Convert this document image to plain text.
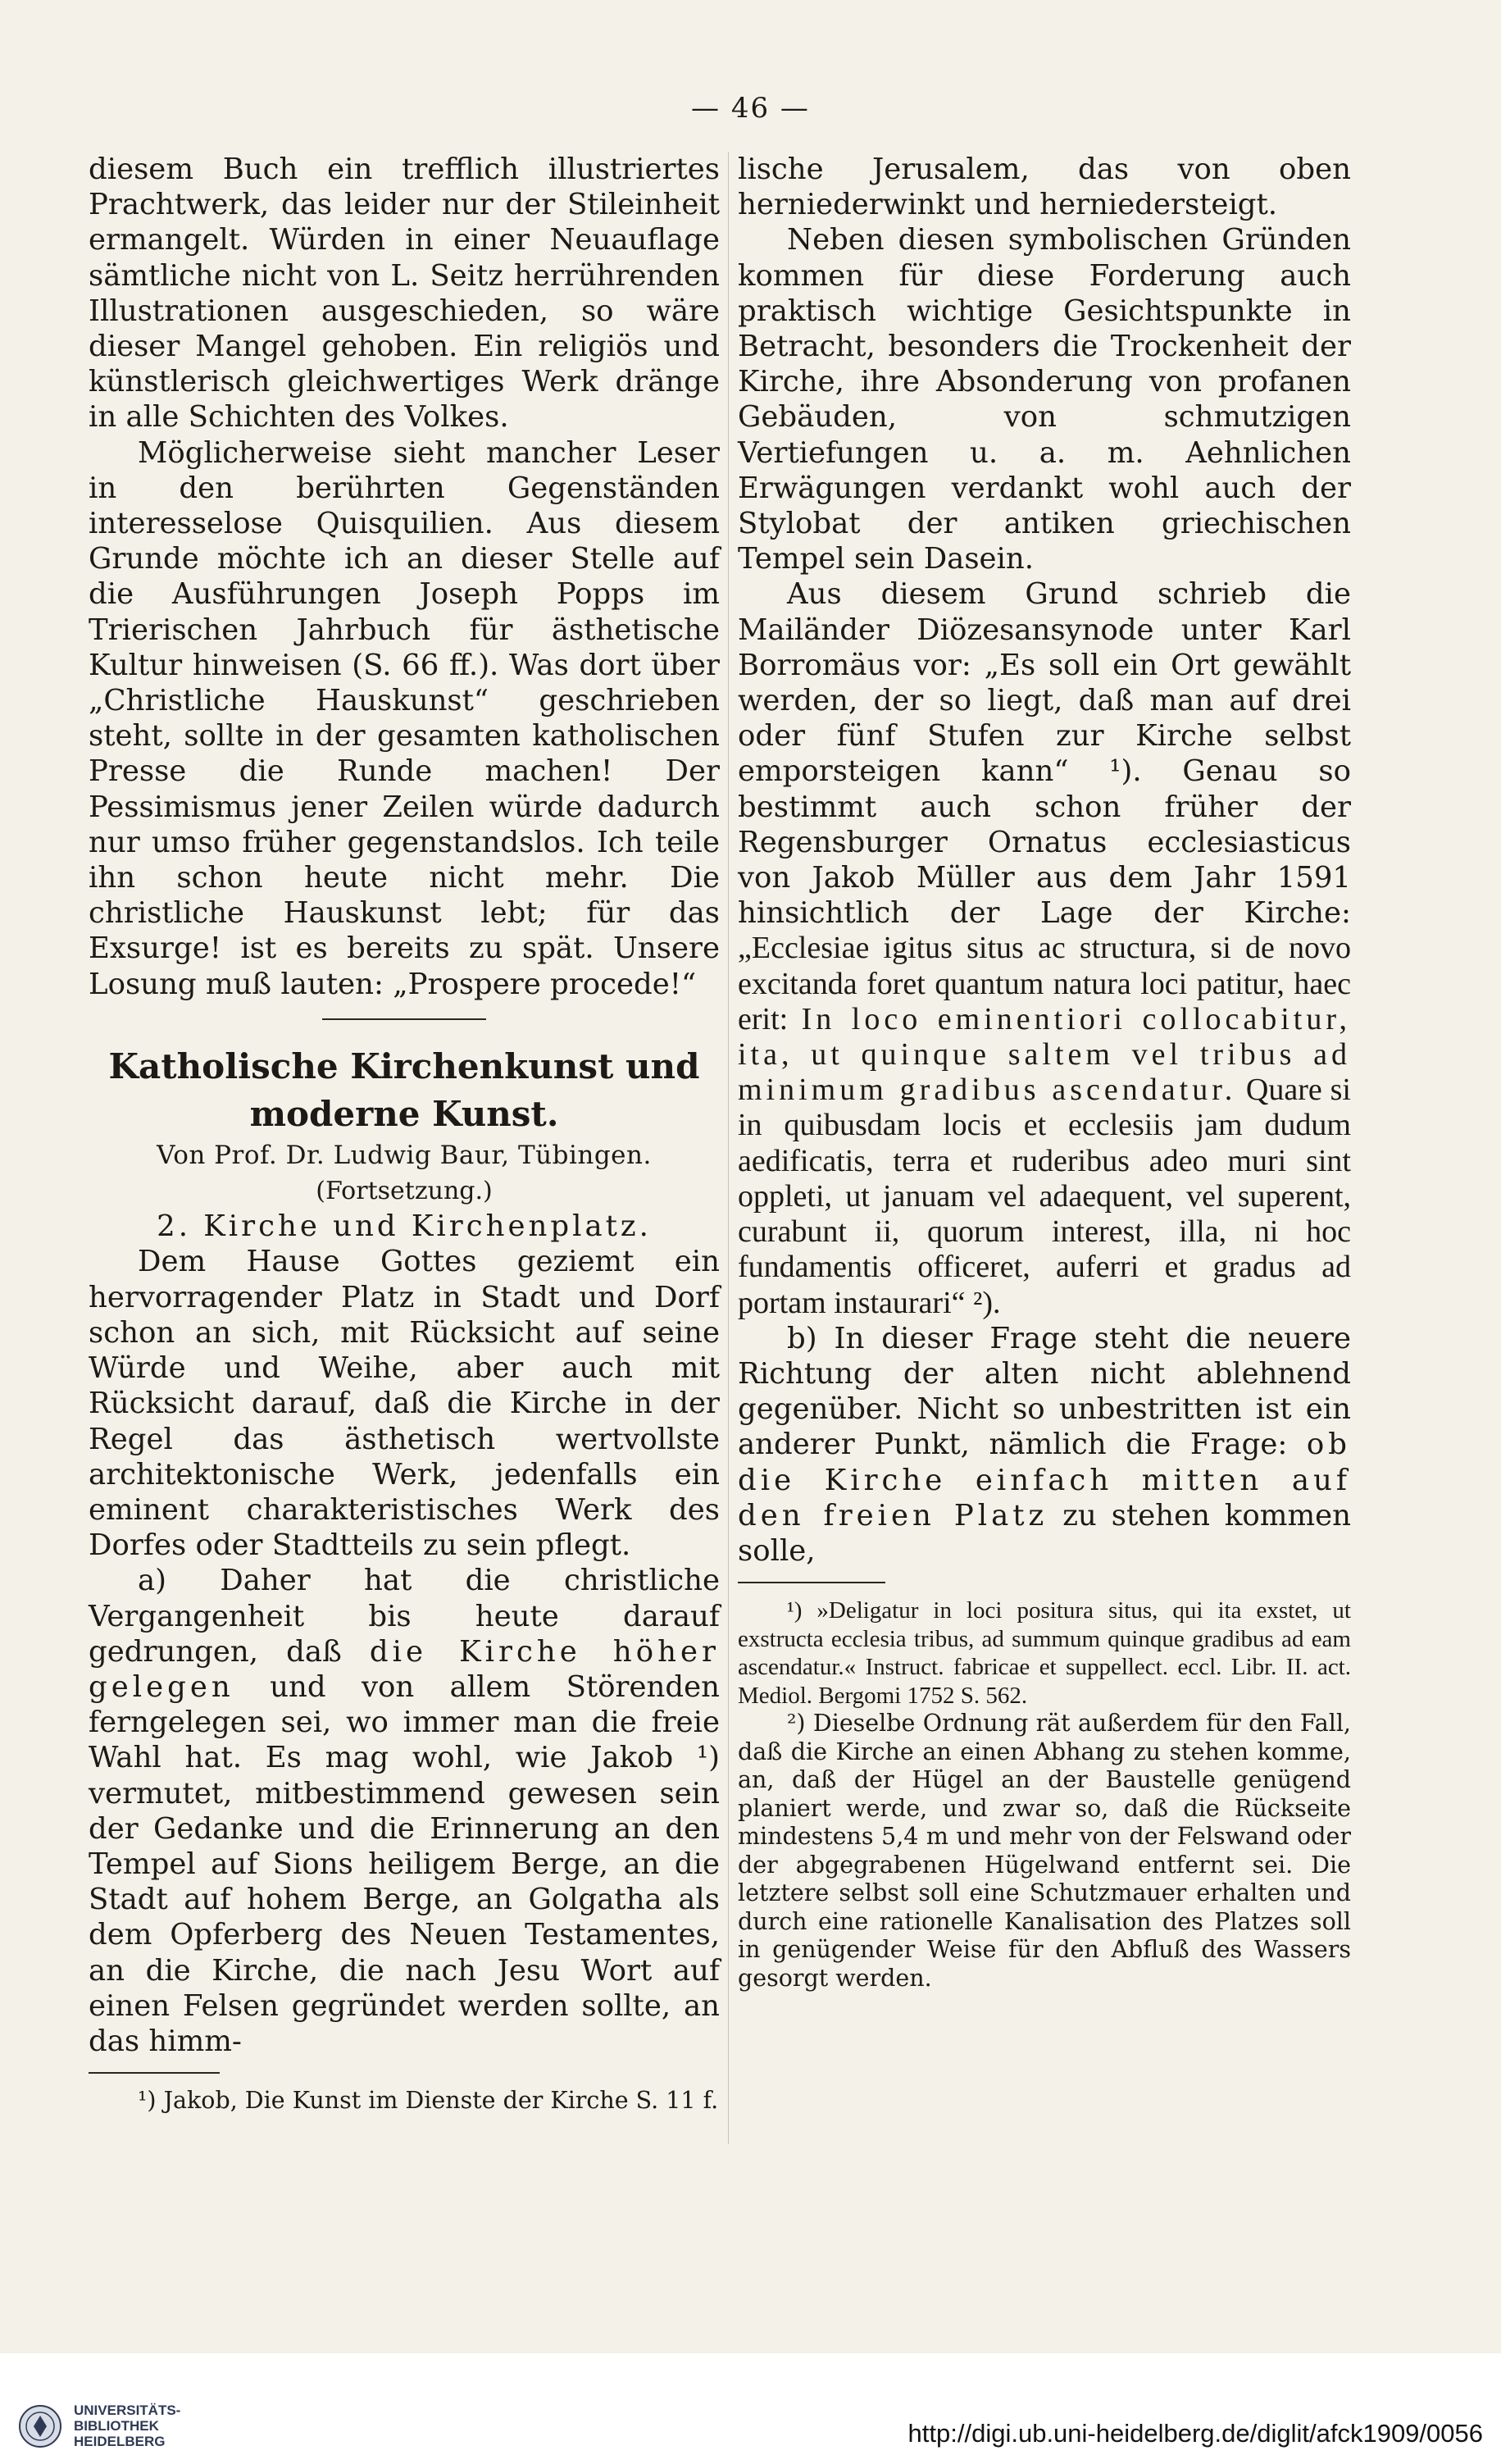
— 46 —

diesem Buch ein trefflich illustriertes Prachtwerk, das leider nur der Stileinheit ermangelt. Würden in einer Neuauflage sämtliche nicht von L. Seitz herrührenden Illustrationen ausgeschieden, so wäre dieser Mangel gehoben. Ein religiös und künstlerisch gleichwertiges Werk dränge in alle Schichten des Volkes.

Möglicherweise sieht mancher Leser in den berührten Gegenständen interesselose Quisquilien. Aus diesem Grunde möchte ich an dieser Stelle auf die Ausführungen Joseph Popps im Trierischen Jahrbuch für ästhetische Kultur hinweisen (S. 66 ff.). Was dort über „Christliche Hauskunst“ geschrieben steht, sollte in der gesamten katholischen Presse die Runde machen! Der Pessimismus jener Zeilen würde dadurch nur umso früher gegenstandslos. Ich teile ihn schon heute nicht mehr. Die christliche Hauskunst lebt; für das Exsurge! ist es bereits zu spät. Unsere Losung muß lauten: „Prospere procede!“

Katholische Kirchenkunst und

moderne Kunst.

Von Prof. Dr. Ludwig Baur, Tübingen.

(Fortsetzung.)

2. Kirche und Kirchenplatz.

Dem Hause Gottes geziemt ein hervorragender Platz in Stadt und Dorf schon an sich, mit Rücksicht auf seine Würde und Weihe, aber auch mit Rücksicht darauf, daß die Kirche in der Regel das ästhetisch wertvollste architektonische Werk, jedenfalls ein eminent charakteristisches Werk des Dorfes oder Stadtteils zu sein pflegt.

a) Daher hat die christliche Vergangenheit bis heute darauf gedrungen, daß die Kirche höher gelegen und von allem Störenden ferngelegen sei, wo immer man die freie Wahl hat. Es mag wohl, wie Jakob ¹) vermutet, mitbestimmend gewesen sein der Gedanke und die Erinnerung an den Tempel auf Sions heiligem Berge, an die Stadt auf hohem Berge, an Golgatha als dem Opferberg des Neuen Testamentes, an die Kirche, die nach Jesu Wort auf einen Felsen gegründet werden sollte, an das himm-

¹) Jakob, Die Kunst im Dienste der Kirche S. 11 f.

lische Jerusalem, das von oben herniederwinkt und herniedersteigt.

Neben diesen symbolischen Gründen kommen für diese Forderung auch praktisch wichtige Gesichtspunkte in Betracht, besonders die Trockenheit der Kirche, ihre Absonderung von profanen Gebäuden, von schmutzigen Vertiefungen u. a. m. Aehnlichen Erwägungen verdankt wohl auch der Stylobat der antiken griechischen Tempel sein Dasein.

Aus diesem Grund schrieb die Mailänder Diözesansynode unter Karl Borromäus vor: „Es soll ein Ort gewählt werden, der so liegt, daß man auf drei oder fünf Stufen zur Kirche selbst emporsteigen kann“ ¹). Genau so bestimmt auch schon früher der Regensburger Ornatus ecclesiasticus von Jakob Müller aus dem Jahr 1591 hinsichtlich der Lage der Kirche: „Ecclesiae igitus situs ac structura, si de novo excitanda foret quantum natura loci patitur, haec erit: In loco eminentiori collocabitur, ita, ut quinque saltem vel tribus ad minimum gradibus ascendatur. Quare si in quibusdam locis et ecclesiis jam dudum aedificatis, terra et ruderibus adeo muri sint oppleti, ut januam vel adaequent, vel superent, curabunt ii, quorum interest, illa, ni hoc fundamentis officeret, auferri et gradus ad portam instaurari“ ²).

b) In dieser Frage steht die neuere Richtung der alten nicht ablehnend gegenüber. Nicht so unbestritten ist ein anderer Punkt, nämlich die Frage: ob die Kirche einfach mitten auf den freien Platz zu stehen kommen solle,

¹) »Deligatur in loci positura situs, qui ita exstet, ut exstructa ecclesia tribus, ad summum quinque gradibus ad eam ascendatur.« Instruct. fabricae et suppellect. eccl. Libr. II. act. Mediol. Bergomi 1752 S. 562.

²) Dieselbe Ordnung rät außerdem für den Fall, daß die Kirche an einen Abhang zu stehen komme, an, daß der Hügel an der Baustelle genügend planiert werde, und zwar so, daß die Rückseite mindestens 5,4 m und mehr von der Felswand oder der abgegrabenen Hügelwand entfernt sei. Die letztere selbst soll eine Schutzmauer erhalten und durch eine rationelle Kanalisation des Platzes soll in genügender Weise für den Abfluß des Wassers gesorgt werden.

UNIVERSITÄTS-
BIBLIOTHEK
HEIDELBERG	http://digi.ub.uni-heidelberg.de/diglit/afck1909/0056
